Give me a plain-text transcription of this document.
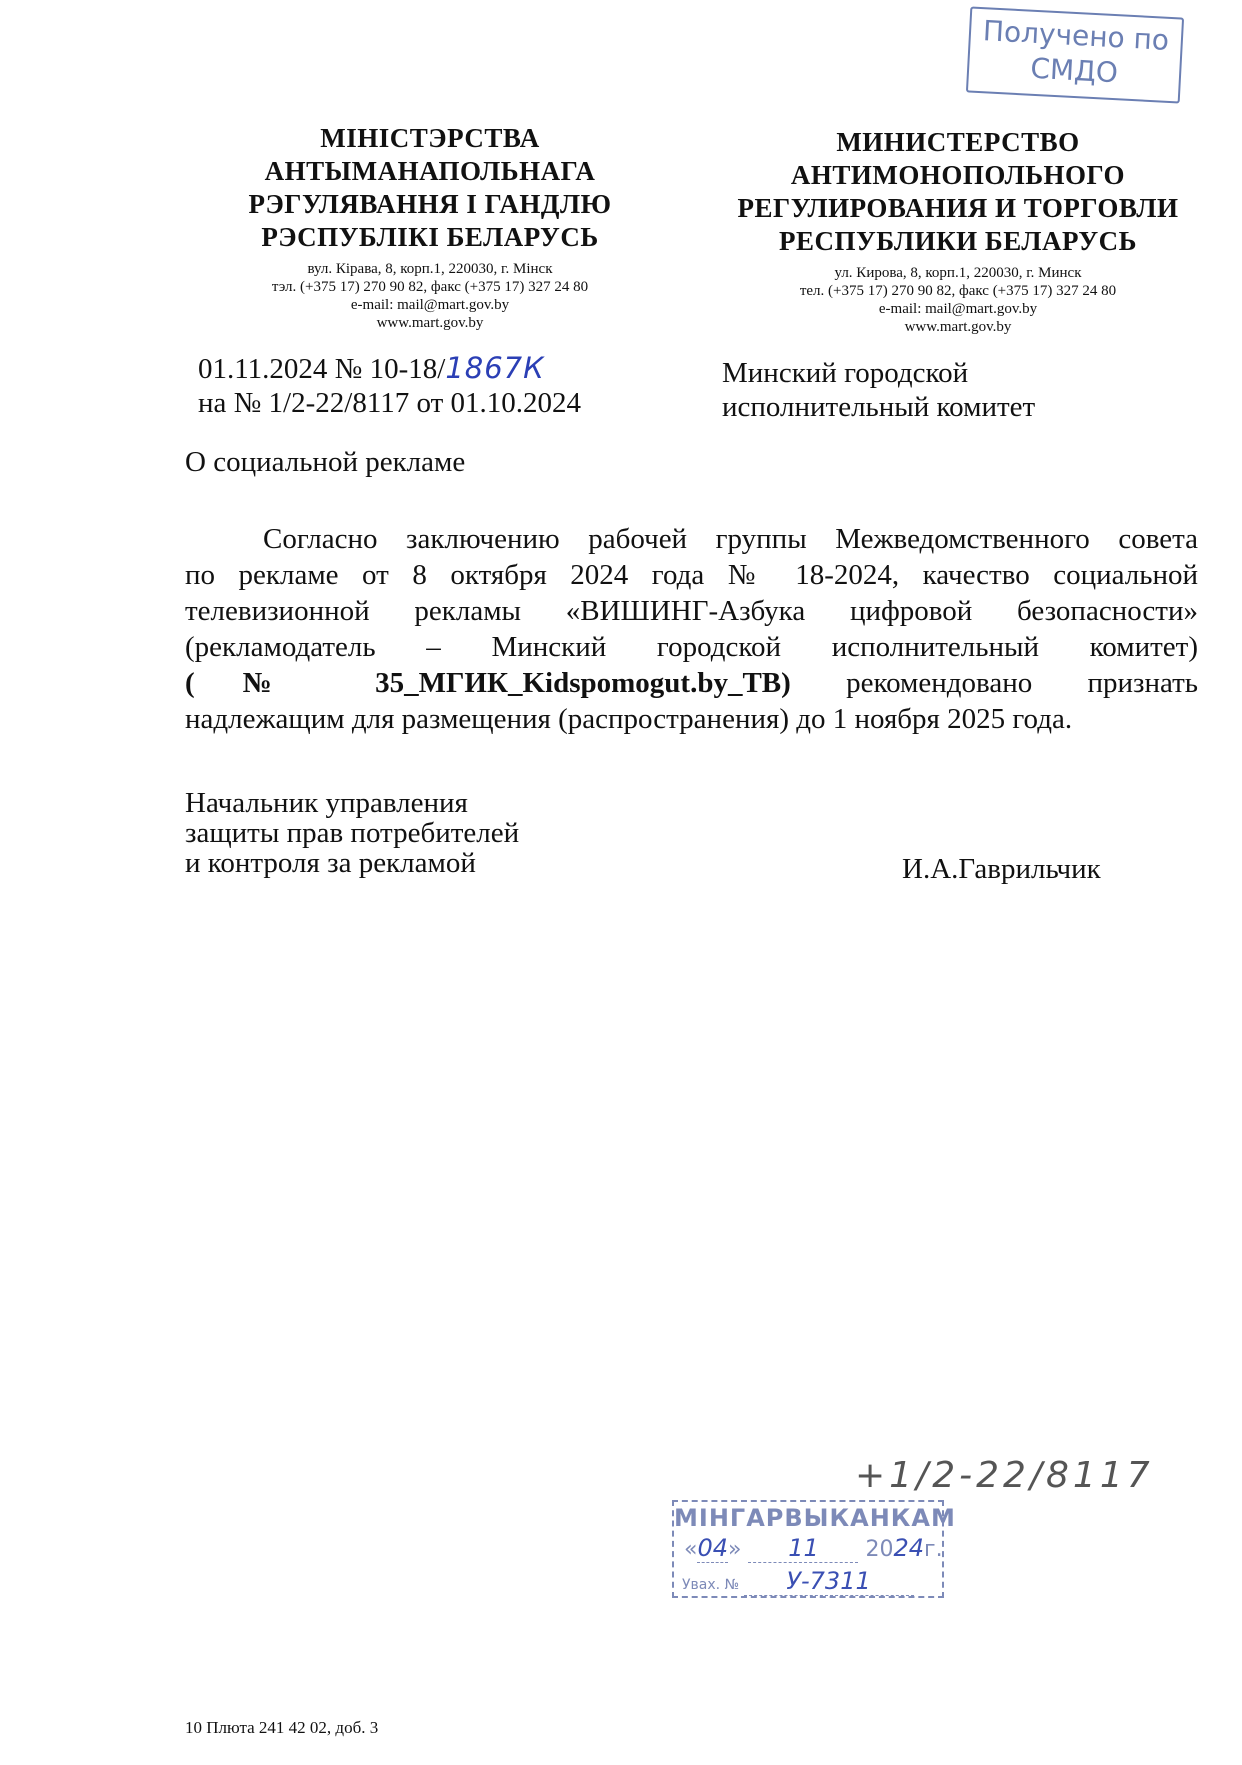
Получено по
СМДО

МІНІСТЭРСТВА

АНТЫМАНАПОЛЬНАГА

РЭГУЛЯВАННЯ І ГАНДЛЮ

РЭСПУБЛІКІ БЕЛАРУСЬ

вул. Кірава, 8, корп.1, 220030, г. Мінск

тэл. (+375 17) 270 90 82, факс (+375 17) 327 24 80

e-mail: mail@mart.gov.by

www.mart.gov.by

МИНИСТЕРСТВО

АНТИМОНОПОЛЬНОГО

РЕГУЛИРОВАНИЯ И ТОРГОВЛИ

РЕСПУБЛИКИ БЕЛАРУСЬ

ул. Кирова, 8, корп.1, 220030, г. Минск

тел. (+375 17) 270 90 82, факс (+375 17) 327 24 80

e-mail: mail@mart.gov.by

www.mart.gov.by

01.11.2024 № 10-18/1867К
на № 1/2-22/8117 от 01.10.2024
Минский городской
исполнительный комитет
О социальной рекламе
Согласно заключению рабочей группы Межведомственного совета
по рекламе от 8 октября 2024 года № 18-2024, качество социальной
телевизионной рекламы «ВИШИНГ-Азбука цифровой безопасности»
(рекламодатель – Минский городской исполнительный комитет)
(№ 35_МГИК_Kidspomogut.by_ТВ) рекомендовано признать
надлежащим для размещения (распространения) до 1 ноября 2025 года.
Начальник управления
защиты прав потребителей
и контроля за рекламой	И.А.Гаврильчик
+1/2-22/8117
МІНГАРВЫКАНКАМ
«04» 11 2024г.
Уваx. № У-7311
10 Плюта 241 42 02, доб. 3
